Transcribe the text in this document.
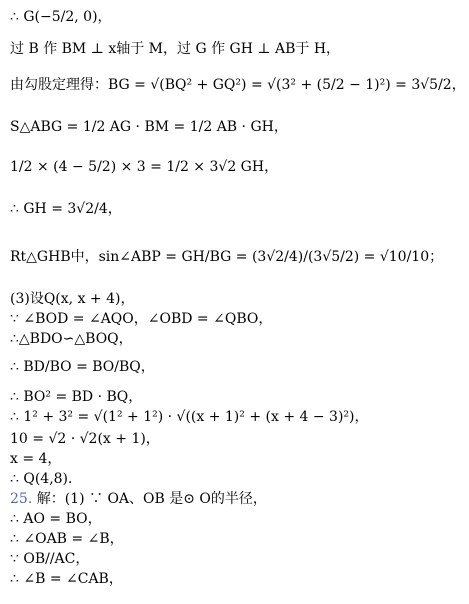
∴ G(−5/2, 0)，
过 B 作 BM ⊥ x轴于 M，过 G 作 GH ⊥ AB于 H，
由勾股定理得：BG = √(BQ² + GQ²) = √(3² + (5/2 − 1)²) = 3√5/2，
S△ABG = 1/2 AG · BM = 1/2 AB · GH，
1/2 × (4 − 5/2) × 3 = 1/2 × 3√2 GH，
∴ GH = 3√2/4，
Rt△GHB中，sin∠ABP = GH/BG = (3√2/4)/(3√5/2) = √10/10；
(3)设Q(x, x + 4)，
∵ ∠BOD = ∠AQO，∠OBD = ∠QBO，
∴△BDO∽△BOQ，
∴ BD/BO = BO/BQ，
∴ BO² = BD · BQ，
∴ 1² + 3² = √(1² + 1²) · √((x + 1)² + (x + 4 − 3)²)，
10 = √2 · √2(x + 1)，
x = 4，
∴ Q(4,8)．
25. 解：(1) ∵ OA、OB 是⊙ O的半径，
∴ AO = BO，
∴ ∠OAB = ∠B，
∵ OB//AC，
∴ ∠B = ∠CAB，
